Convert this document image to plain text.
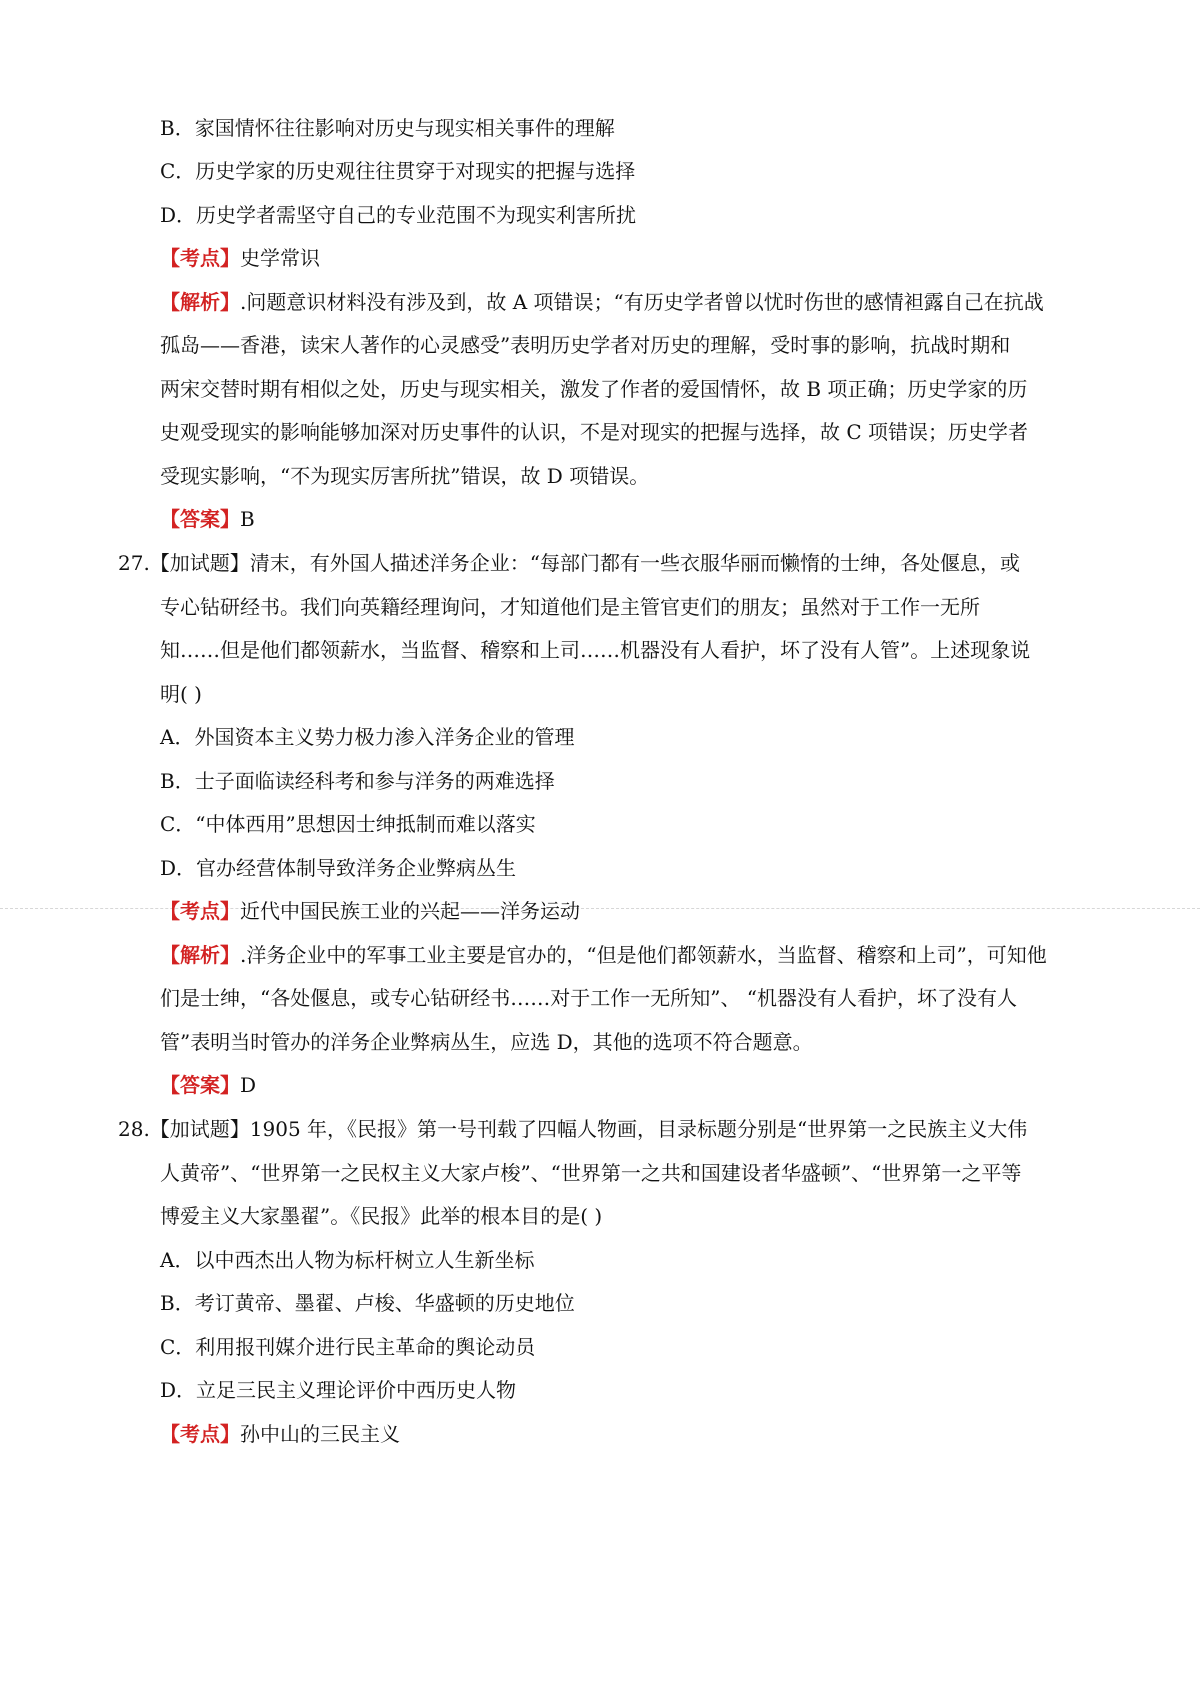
B．家国情怀往往影响对历史与现实相关事件的理解
C．历史学家的历史观往往贯穿于对现实的把握与选择
D．历史学者需坚守自己的专业范围不为现实利害所扰
【考点】史学常识
【解析】.问题意识材料没有涉及到，故 A 项错误；“有历史学者曾以忧时伤世的感情袒露自己在抗战
孤岛——香港，读宋人著作的心灵感受”表明历史学者对历史的理解，受时事的影响，抗战时期和
两宋交替时期有相似之处，历史与现实相关，激发了作者的爱国情怀，故 B 项正确；历史学家的历
史观受现实的影响能够加深对历史事件的认识，不是对现实的把握与选择，故 C 项错误；历史学者
受现实影响，“不为现实厉害所扰”错误，故 D 项错误。
【答案】B
27.【加试题】清末，有外国人描述洋务企业：“每部门都有一些衣服华丽而懒惰的士绅，各处偃息，或
专心钻研经书。我们向英籍经理询问，才知道他们是主管官吏们的朋友；虽然对于工作一无所
知……但是他们都领薪水，当监督、稽察和上司……机器没有人看护，坏了没有人管”。上述现象说
明( )
A．外国资本主义势力极力渗入洋务企业的管理
B．士子面临读经科考和参与洋务的两难选择
C．“中体西用”思想因士绅抵制而难以落实
D．官办经营体制导致洋务企业弊病丛生
【考点】近代中国民族工业的兴起——洋务运动
【解析】.洋务企业中的军事工业主要是官办的，“但是他们都领薪水，当监督、稽察和上司”，可知他
们是士绅，“各处偃息，或专心钻研经书……对于工作一无所知”、 “机器没有人看护，坏了没有人
管”表明当时管办的洋务企业弊病丛生，应选 D，其他的选项不符合题意。
【答案】D
28.【加试题】1905 年，《民报》第一号刊载了四幅人物画，目录标题分别是“世界第一之民族主义大伟
人黄帝”、“世界第一之民权主义大家卢梭”、“世界第一之共和国建设者华盛顿”、“世界第一之平等
博爱主义大家墨翟”。《民报》此举的根本目的是( )
A．以中西杰出人物为标杆树立人生新坐标
B．考订黄帝、墨翟、卢梭、华盛顿的历史地位
C．利用报刊媒介进行民主革命的舆论动员
D．立足三民主义理论评价中西历史人物
【考点】孙中山的三民主义
